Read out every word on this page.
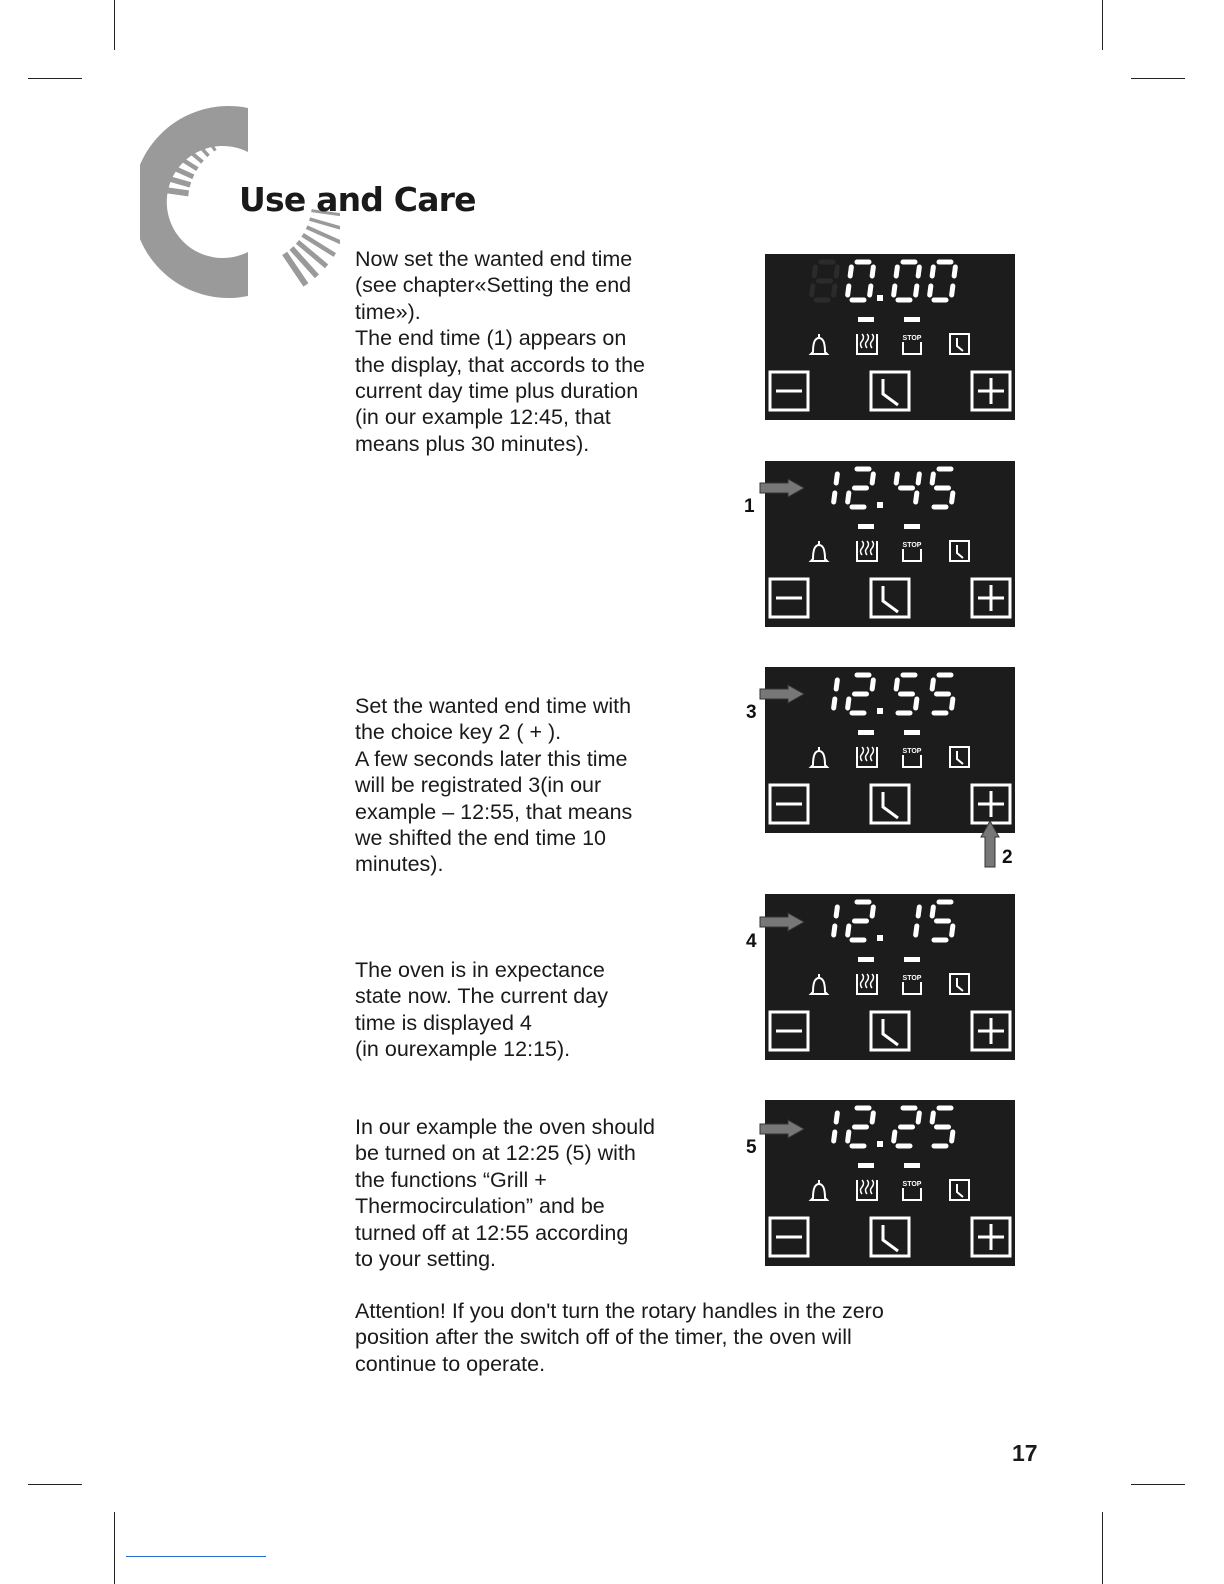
Use and Care
Now set the wanted end time
(see chapter«Setting the end
time»).
The end time (1) appears on
the display, that accords to the
current day time plus duration
(in our example 12:45, that
means plus 30 minutes).
Set the wanted end time with
the choice key 2 ( + ).
A few seconds later this time
will be registrated 3(in our
example – 12:55, that means
we shifted the end time 10
minutes).
The oven is in expectance
state now. The current day
time is displayed 4
(in ourexample 12:15).
In our example the oven should
be turned on at 12:25 (5) with
the functions “Grill +
Thermocirculation” and be
turned off at 12:55 according
to your setting.
Attention! If you don't turn the rotary handles in the zero
position after the switch off of the timer, the oven will
continue to operate.
STOP
STOP
STOP
STOP
STOP
1
3
2
4
5
17
